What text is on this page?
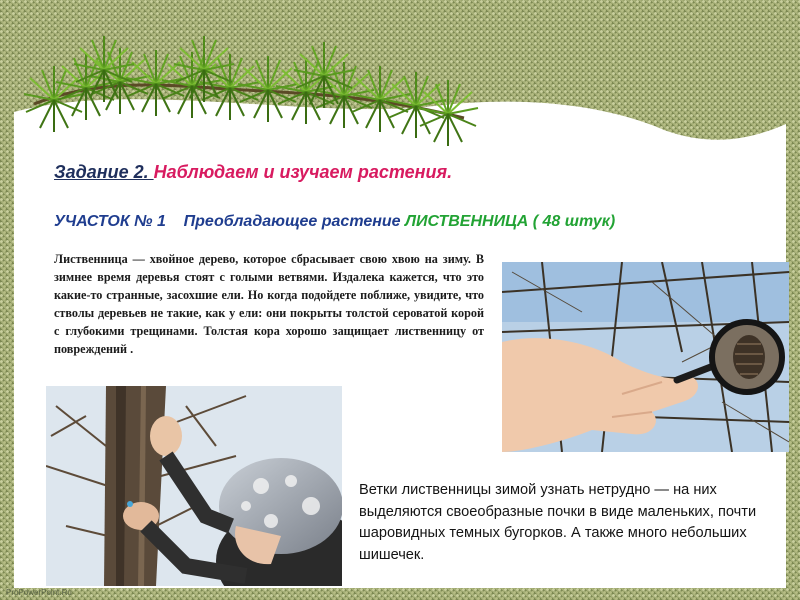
Задание 2. Наблюдаем и изучаем растения.
УЧАСТОК № 1 Преобладающее растение ЛИСТВЕННИЦА ( 48 штук)
Лиственница — хвойное дерево, которое сбрасывает свою хвою на зиму. В зимнее время деревья стоят с голыми ветвями. Издалека кажется, что это какие-то странные, засохшие ели. Но когда подойдете поближе, увидите, что стволы деревьев не такие, как у ели: они покрыты толстой сероватой корой с глубокими трещинами. Толстая кора хорошо защищает лиственницу от повреждений .
Ветки лиственницы зимой узнать нетрудно — на них выделяются своеобразные почки в виде маленьких, почти шаровидных темных бугорков. А также много небольших шишечек.
ProPowerPoint.Ru
